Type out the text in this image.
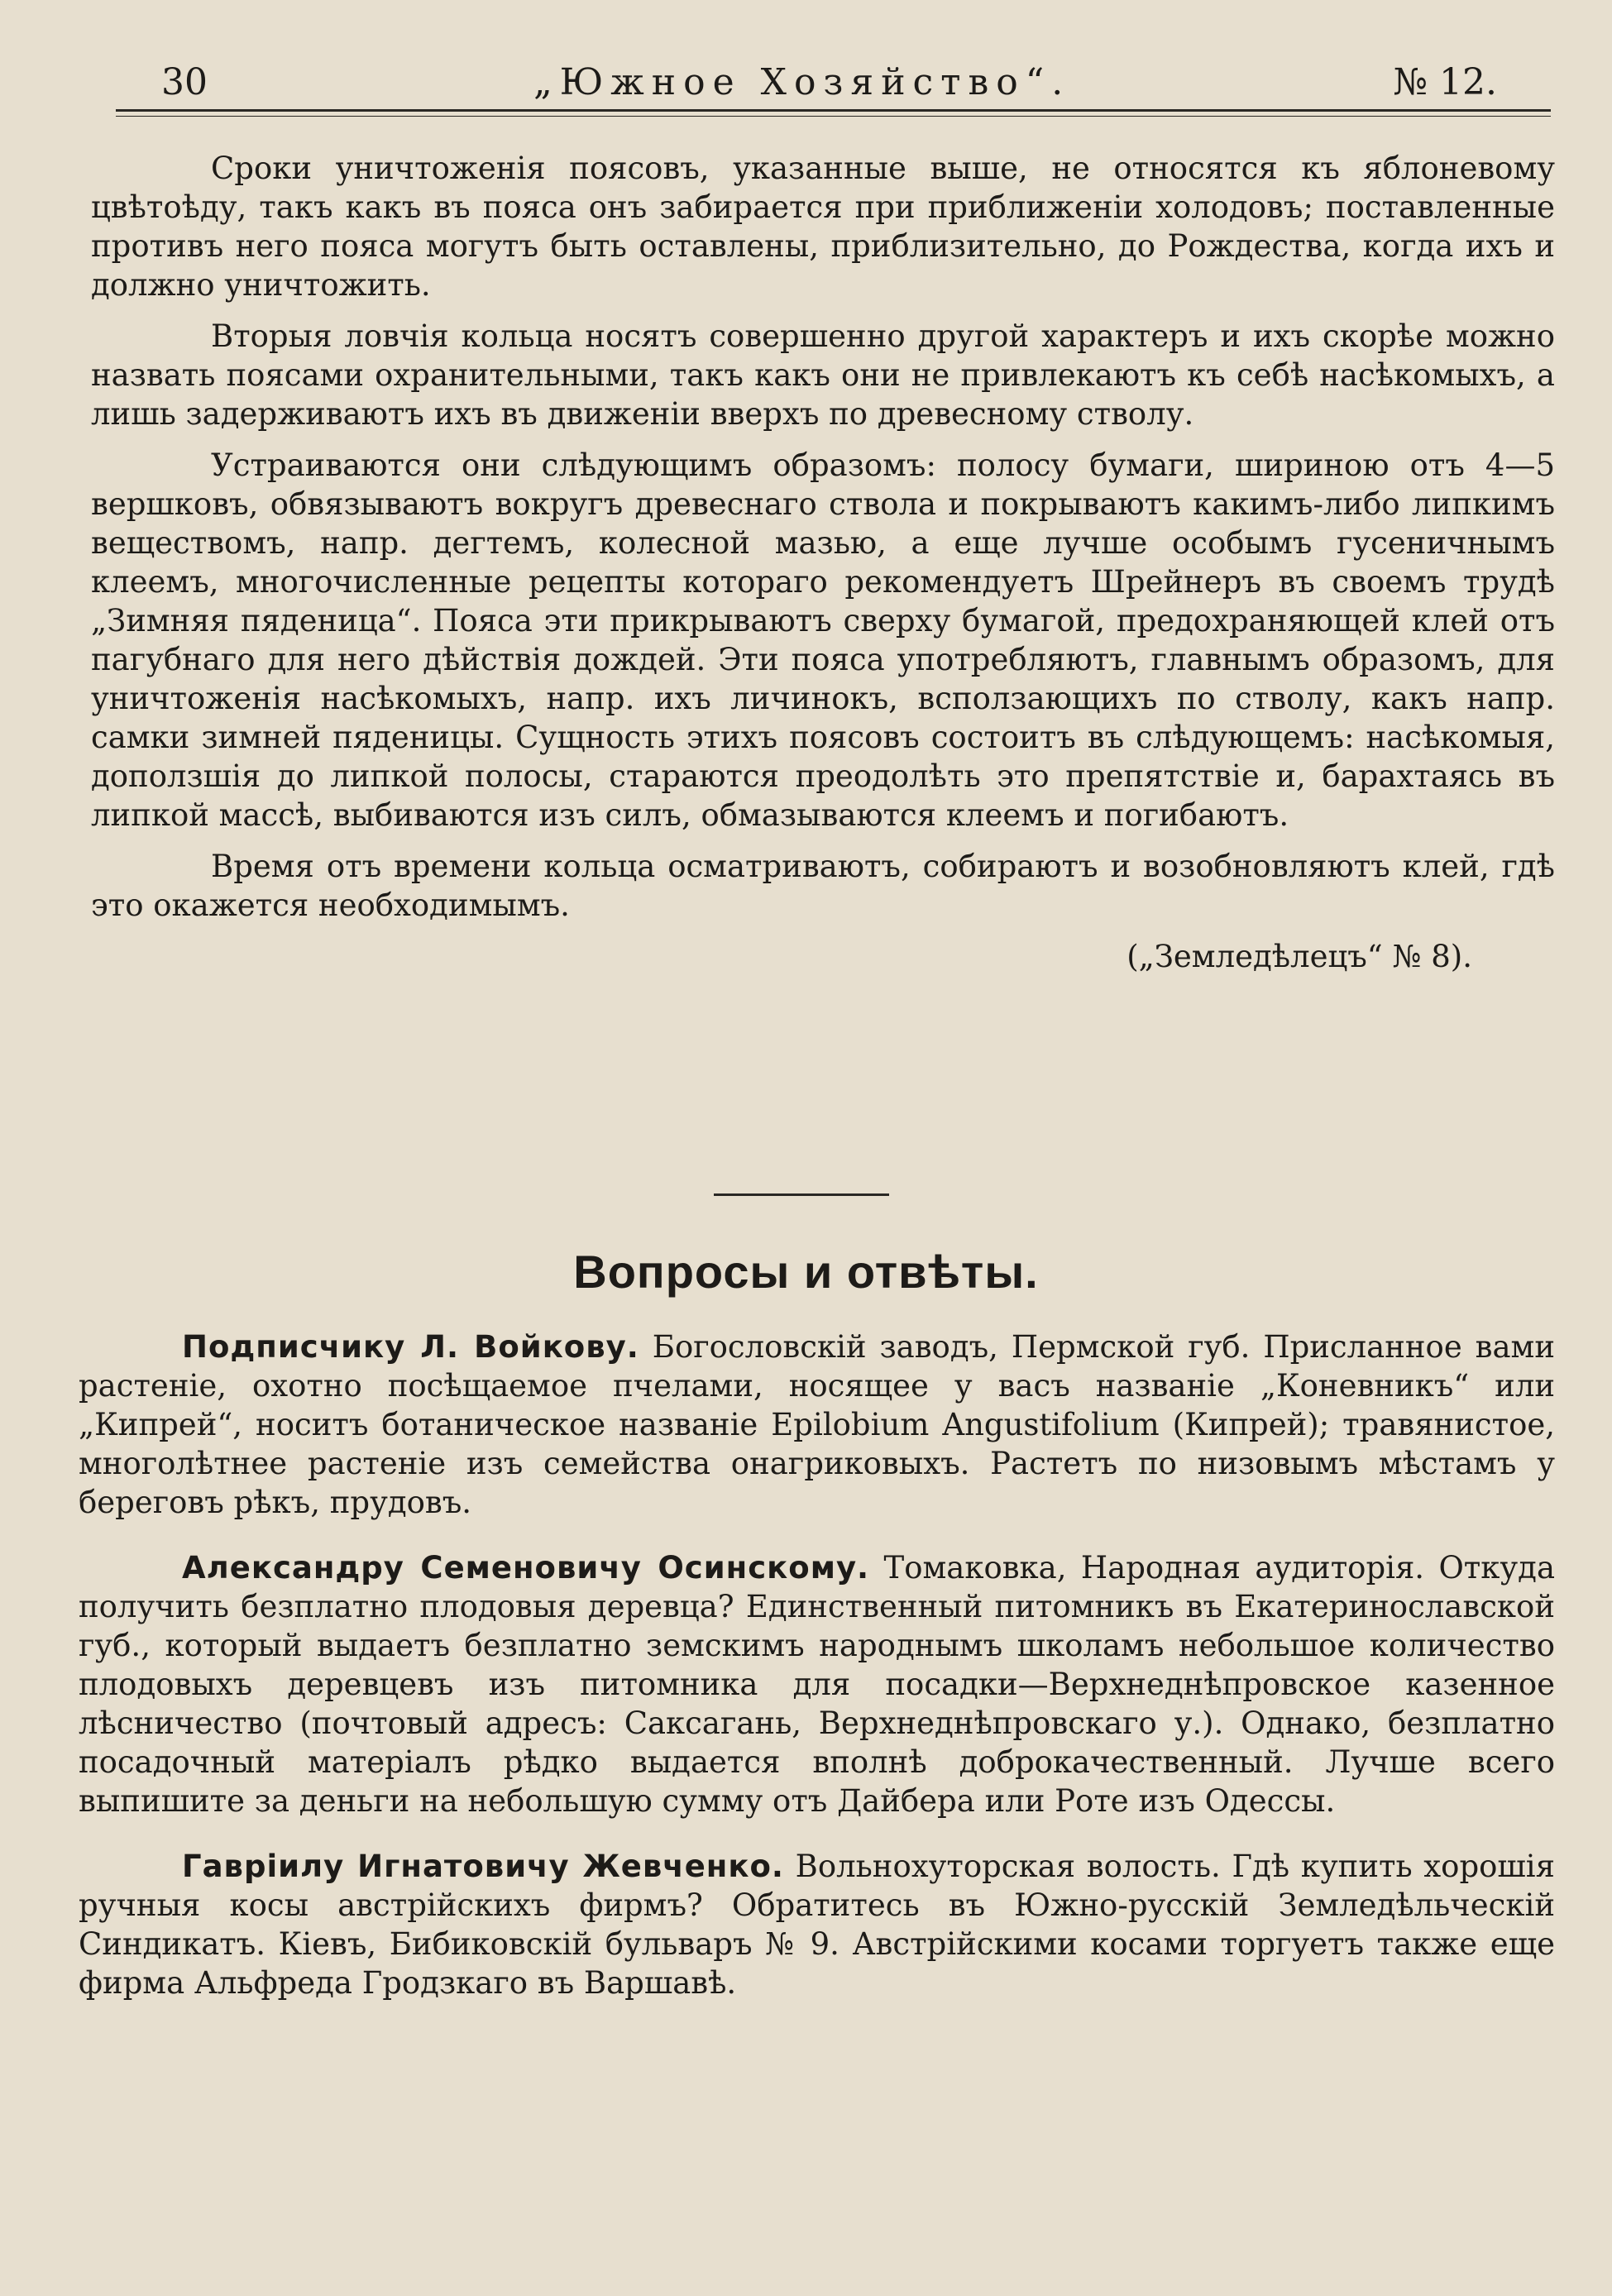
30	„Южное Хозяйство“.	№ 12.

Сроки уничтоженія поясовъ, указанные выше, не относятся къ яблоневому цвѣтоѣду, такъ какъ въ пояса онъ забирается при приближеніи холодовъ; поставленные противъ него пояса могутъ быть оставлены, приблизительно, до Рождества, когда ихъ и должно уничтожить.

Вторыя ловчія кольца носятъ совершенно другой характеръ и ихъ скорѣе можно назвать поясами охранительными, такъ какъ они не привлекаютъ къ себѣ насѣкомыхъ, а лишь задерживаютъ ихъ въ движеніи вверхъ по древесному стволу.

Устраиваются они слѣдующимъ образомъ: полосу бумаги, шириною отъ 4—5 вершковъ, обвязываютъ вокругъ древеснаго ствола и покрываютъ какимъ-либо липкимъ веществомъ, напр. дегтемъ, колесной мазью, а еще лучше особымъ гусеничнымъ клеемъ, многочисленные рецепты котораго рекомендуетъ Шрейнеръ въ своемъ трудѣ „Зимняя пяденица“. Пояса эти прикрываютъ сверху бумагой, предохраняющей клей отъ пагубнаго для него дѣйствія дождей. Эти пояса употребляютъ, главнымъ образомъ, для уничтоженія насѣкомыхъ, напр. ихъ личинокъ, всползающихъ по стволу, какъ напр. самки зимней пяденицы. Сущность этихъ поясовъ состоитъ въ слѣдующемъ: насѣкомыя, доползшія до липкой полосы, стараются преодолѣть это препятствіе и, барахтаясь въ липкой массѣ, выбиваются изъ силъ, обмазываются клеемъ и погибаютъ.

Время отъ времени кольца осматриваютъ, собираютъ и возобновляютъ клей, гдѣ это окажется необходимымъ.

(„Земледѣлецъ“ № 8).
Вопросы и отвѣты.

Подписчику Л. Войкову. Богословскій заводъ, Пермской губ. Присланное вами растеніе, охотно посѣщаемое пчелами, носящее у васъ названіе „Коневникъ“ или „Кипрей“, носитъ ботаническое названіе Epilobium Angustifolium (Кипрей); травянистое, многолѣтнее растеніе изъ семейства онагриковыхъ. Растетъ по низовымъ мѣстамъ у береговъ рѣкъ, прудовъ.

Александру Семеновичу Осинскому. Томаковка, Народная аудиторія. Откуда получить безплатно плодовыя деревца? Единственный питомникъ въ Екатеринославской губ., который выдаетъ безплатно земскимъ народнымъ школамъ небольшое количество плодовыхъ деревцевъ изъ питомника для посадки—Верхнеднѣпровское казенное лѣсничество (почтовый адресъ: Саксагань, Верхнеднѣпровскаго у.). Однако, безплатно посадочный матеріалъ рѣдко выдается вполнѣ доброкачественный. Лучше всего выпишите за деньги на небольшую сумму отъ Дайбера или Роте изъ Одессы.

Гавріилу Игнатовичу Жевченко. Вольнохуторская волость. Гдѣ купить хорошія ручныя косы австрійскихъ фирмъ? Обратитесь въ Южно-русскій Земледѣльческій Синдикатъ. Кіевъ, Бибиковскій бульваръ № 9. Австрійскими косами торгуетъ также еще фирма Альфреда Гродзкаго въ Варшавѣ.
